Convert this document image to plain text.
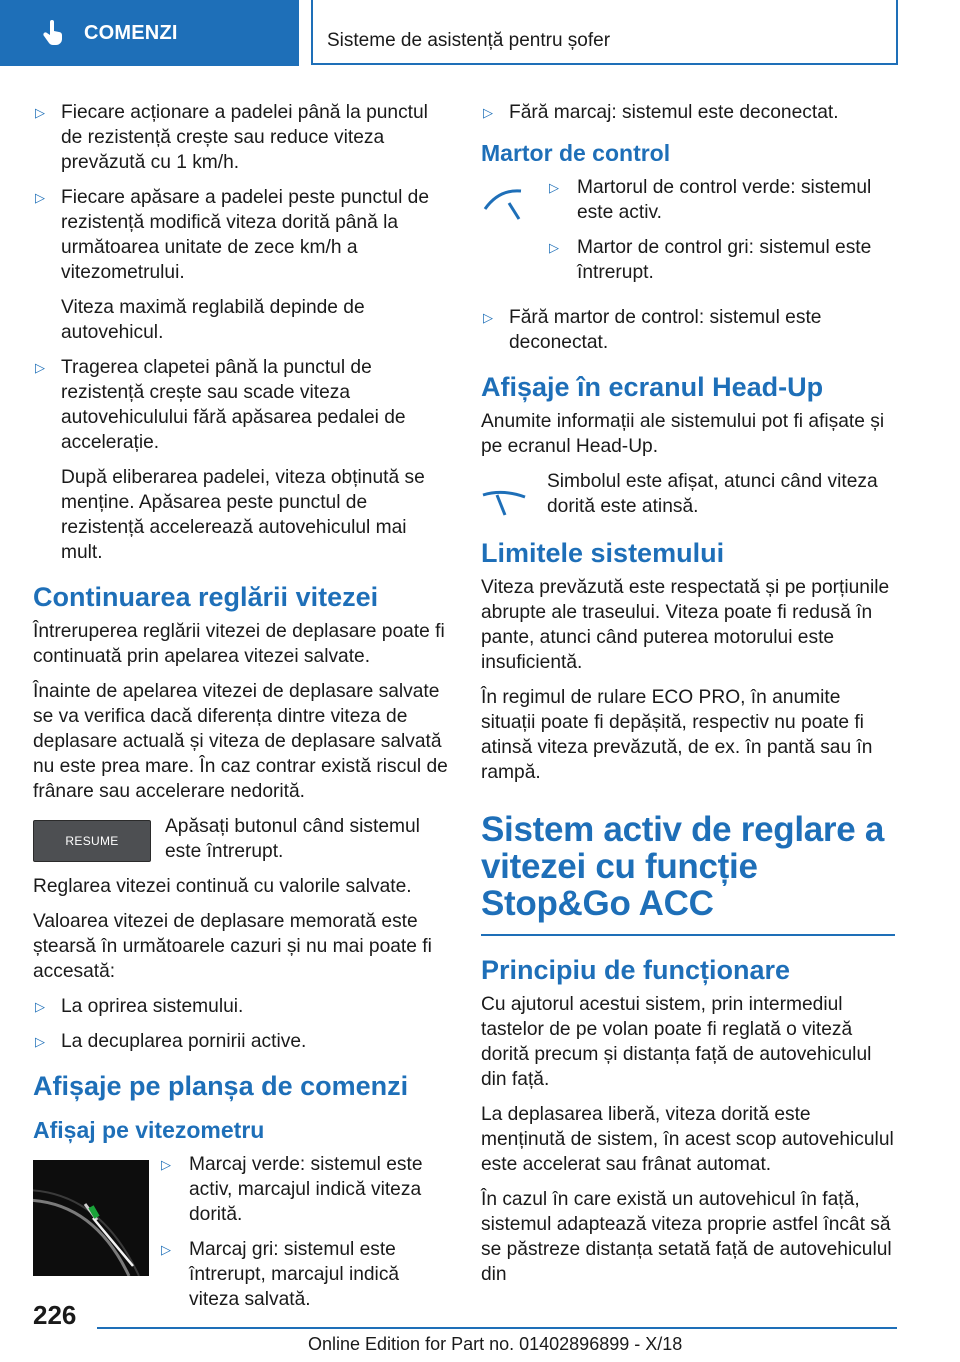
COMENZI	Sisteme de asistență pentru șofer
▷ Fiecare acționare a padelei până la punctul de rezistență crește sau reduce viteza prevăzută cu 1 km/h.
▷ Fiecare apăsare a padelei peste punctul de rezistență modifică viteza dorită până la următoarea unitate de zece km/h a vitezometrului.
Viteza maximă reglabilă depinde de autovehicul.
▷ Tragerea clapetei până la punctul de rezistență crește sau scade viteza autovehiculului fără apăsarea pedalei de accelerație.
După eliberarea padelei, viteza obținută se menține. Apăsarea peste punctul de rezistență accelerează autovehiculul mai mult.
Continuarea reglării vitezei

Întreruperea reglării vitezei de deplasare poate fi continuată prin apelarea vitezei salvate.

Înainte de apelarea vitezei de deplasare salvate se va verifica dacă diferența dintre viteza de deplasare actuală și viteza de deplasare salvată nu este prea mare. În caz contrar există riscul de frânare sau accelerare nedorită.

RESUME
Apăsați butonul când sistemul este întrerupt.

Reglarea vitezei continuă cu valorile salvate.

Valoarea vitezei de deplasare memorată este ștearsă în următoarele cazuri și nu mai poate fi accesată:

▷ La oprirea sistemului.
▷ La decuplarea pornirii active.
Afișaje pe planșa de comenzi
Afișaj pe vitezometru
▷ Marcaj verde: sistemul este activ, marcajul indică viteza dorită.
▷ Marcaj gri: sistemul este întrerupt, marcajul indică viteza salvată.
▷ Fără marcaj: sistemul este deconectat.
Martor de control
▷ Martorul de control verde: sistemul este activ.
▷ Martor de control gri: sistemul este întrerupt.
▷ Fără martor de control: sistemul este deconectat.
Afișaje în ecranul Head-Up

Anumite informații ale sistemului pot fi afișate și pe ecranul Head-Up.

Simbolul este afișat, atunci când viteza dorită este atinsă.
Limitele sistemului

Viteza prevăzută este respectată și pe porțiunile abrupte ale traseului. Viteza poate fi redusă în pante, atunci când puterea motorului este insuficientă.

În regimul de rulare ECO PRO, în anumite situații poate fi depășită, respectiv nu poate fi atinsă viteza prevăzută, de ex. în pantă sau în rampă.

Sistem activ de reglare a vitezei cu funcție Stop&Go ACC
Principiu de funcționare

Cu ajutorul acestui sistem, prin intermediul tastelor de pe volan poate fi reglată o viteză dorită precum și distanța față de autovehiculul din față.

La deplasarea liberă, viteza dorită este menținută de sistem, în acest scop autovehiculul este accelerat sau frânat automat.

În cazul în care există un autovehicul în față, sistemul adaptează viteza proprie astfel încât să se păstreze distanța setată față de autovehiculul din

226
Online Edition for Part no. 01402896899 - X/18
